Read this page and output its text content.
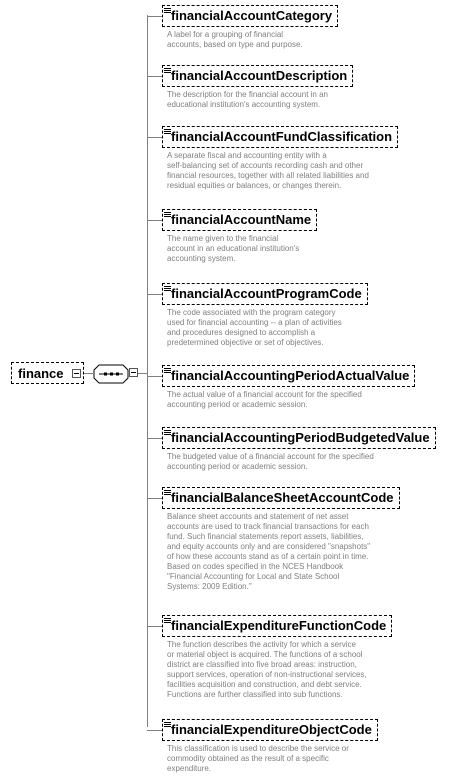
finance
financialAccountCategory
A label for a grouping of financial
accounts, based on type and purpose.
financialAccountDescription
The description for the financial account in an
educational institution's accounting system.
financialAccountFundClassification
A separate fiscal and accounting entity with a
self-balancing set of accounts recording cash and other
financial resources, together with all related liabilities and
residual equities or balances, or changes therein.
financialAccountName
The name given to the financial
account in an educational institution's
accounting system.
financialAccountProgramCode
The code associated with the program category
used for financial accounting -- a plan of activities
and procedures designed to accomplish a
predetermined objective or set of objectives.
financialAccountingPeriodActualValue
The actual value of a financial account for the specified
accounting period or academic session.
financialAccountingPeriodBudgetedValue
The budgeted value of a financial account for the specified
accounting period or academic session.
financialBalanceSheetAccountCode
Balance sheet accounts and statement of net asset
accounts are used to track financial transactions for each
fund. Such financial statements report assets, liabilities,
and equity accounts only and are considered "snapshots"
of how these accounts stand as of a certain point in time.
Based on codes specified in the NCES Handbook
"Financial Accounting for Local and State School
Systems: 2009 Edition."
financialExpenditureFunctionCode
The function describes the activity for which a service
or material object is acquired. The functions of a school
district are classified into five broad areas: instruction,
support services, operation of non-instructional services,
facilities acquisition and construction, and debt service.
Functions are further classified into sub functions.
financialExpenditureObjectCode
This classification is used to describe the service or
commodity obtained as the result of a specific
expenditure.
